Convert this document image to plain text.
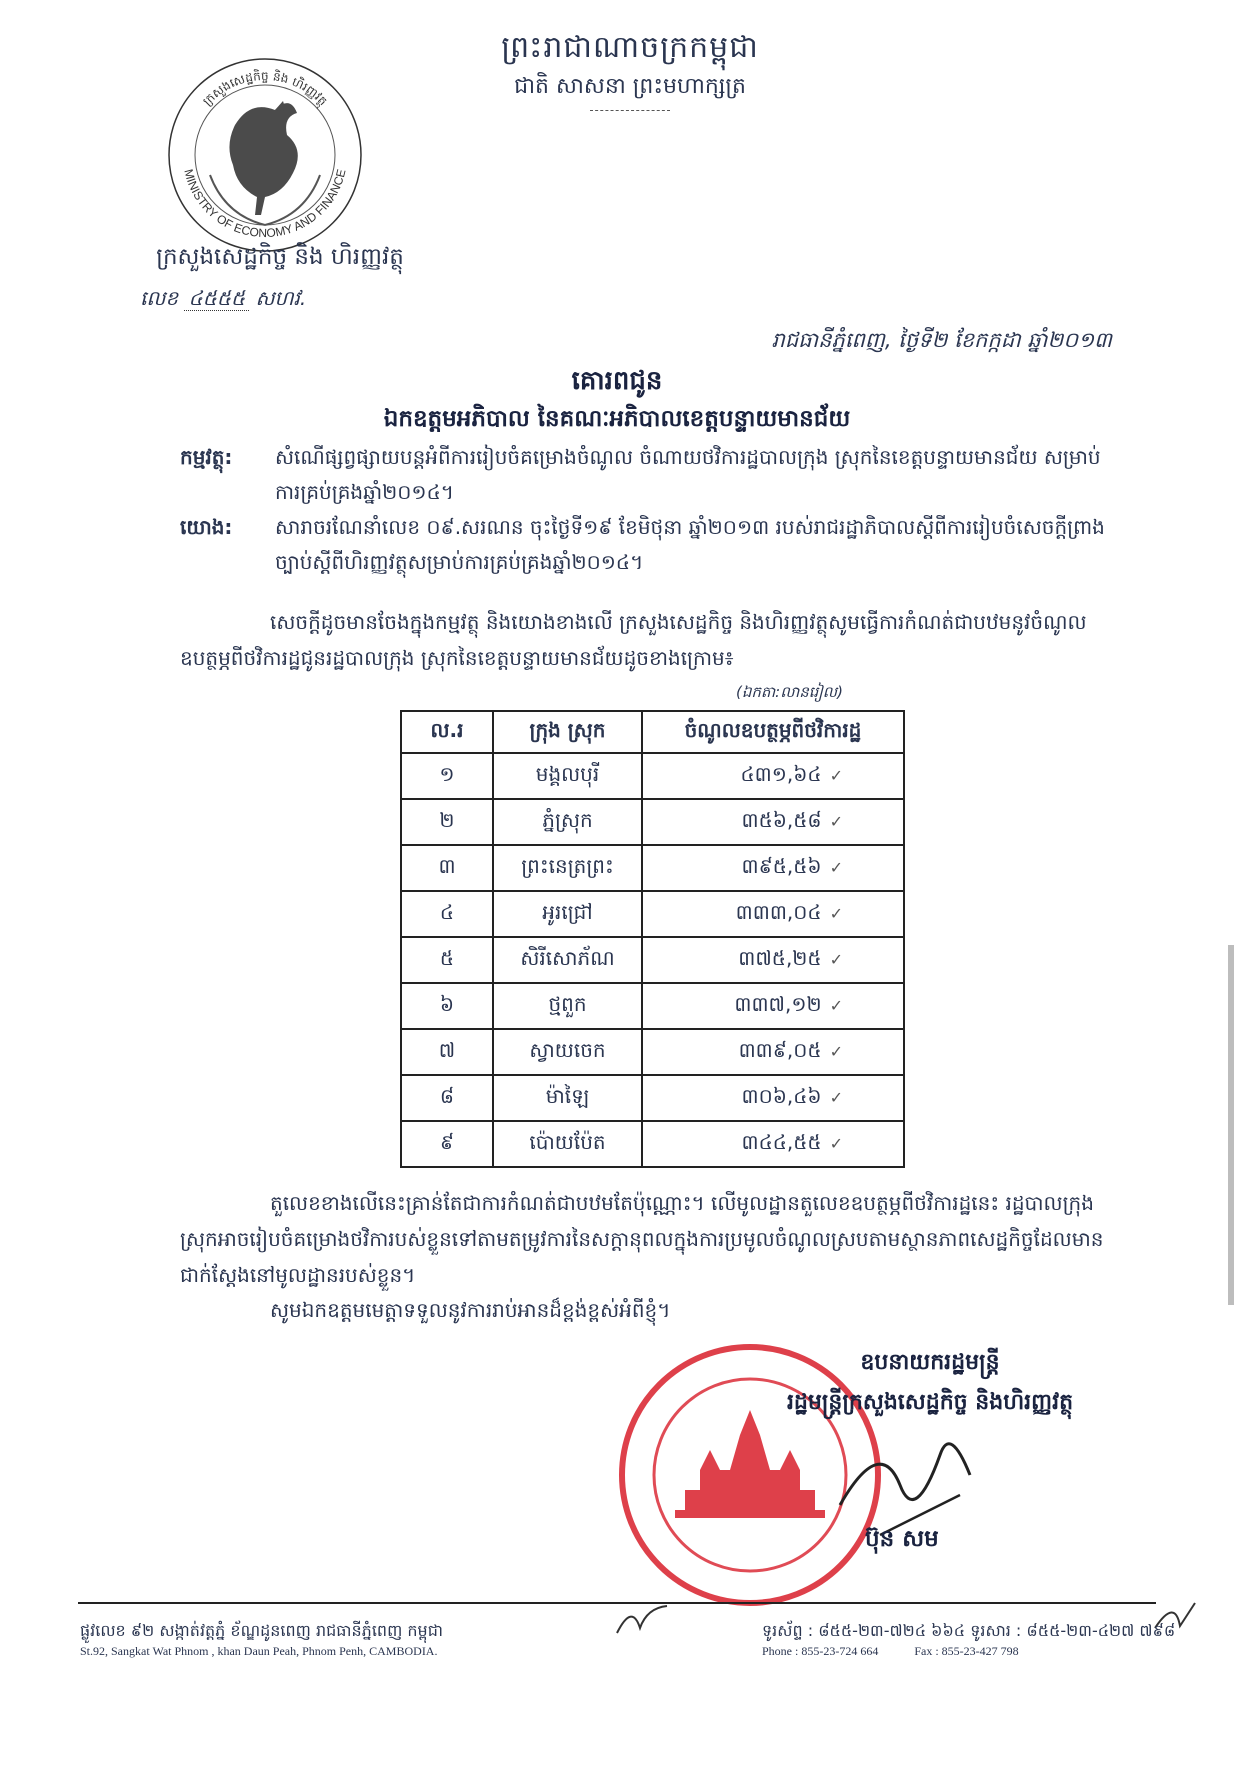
ព្រះរាជាណាចក្រកម្ពុជា
ជាតិ សាសនា ព្រះមហាក្សត្រ
MINISTRY OF ECONOMY AND FINANCE
ក្រសួងសេដ្ឋកិច្ច និង ហិរញ្ញវត្ថុ
ក្រសួងសេដ្ឋកិច្ច និង ហិរញ្ញវត្ថុ
លេខ ៤៥៥៥ សហវ.
រាជធានីភ្នំពេញ, ថ្ងៃទី២ ខែកក្កដា ឆ្នាំ២០១៣
គោរពជូន
ឯកឧត្តមអភិបាល នៃគណៈអភិបាលខេត្តបន្ទាយមានជ័យ
កម្មវត្ថុ: សំណើផ្សព្វផ្សាយបន្តអំពីការរៀបចំគម្រោងចំណូល ចំណាយថវិការដ្ឋបាលក្រុង ស្រុកនៃខេត្តបន្ទាយមានជ័យ សម្រាប់ការគ្រប់គ្រងឆ្នាំ២០១៤។
យោង: សារាចរណែនាំលេខ ០៩.សរណន ចុះថ្ងៃទី១៩ ខែមិថុនា ឆ្នាំ២០១៣ របស់រាជរដ្ឋាភិបាលស្តីពីការរៀបចំសេចក្តីព្រាងច្បាប់ស្តីពីហិរញ្ញវត្ថុសម្រាប់ការគ្រប់គ្រងឆ្នាំ២០១៤។
សេចក្តីដូចមានចែងក្នុងកម្មវត្ថុ និងយោងខាងលើ ក្រសួងសេដ្ឋកិច្ច និងហិរញ្ញវត្ថុសូមធ្វើការកំណត់ជាបឋមនូវចំណូលឧបត្ថម្ភពីថវិការដ្ឋជូនរដ្ឋបាលក្រុង ស្រុកនៃខេត្តបន្ទាយមានជ័យដូចខាងក្រោម៖
(ឯកតា:លានរៀល)
ល.រ	ក្រុង ស្រុក	ចំណូលឧបត្ថម្ភពីថវិការដ្ឋ
១	មង្គលបុរី	៤៣១,៦៤ ✓
២	ភ្នំស្រុក	៣៥៦,៥៨ ✓
៣	ព្រះនេត្រព្រះ	៣៩៥,៥៦ ✓
៤	អូរជ្រៅ	៣៣៣,០៤ ✓
៥	សិរីសោភ័ណ	៣៧៥,២៥ ✓
៦	ថ្មពួក	៣៣៧,១២ ✓
៧	ស្វាយចេក	៣៣៩,០៥ ✓
៨	ម៉ាឡៃ	៣០៦,៤៦ ✓
៩	ប៉ោយប៉ែត	៣៤៤,៥៥ ✓
តួលេខខាងលើនេះគ្រាន់តែជាការកំណត់ជាបឋមតែប៉ុណ្ណោះ។ លើមូលដ្ឋានតួលេខឧបត្ថម្ភពីថវិការដ្ឋនេះ រដ្ឋបាលក្រុង ស្រុកអាចរៀបចំគម្រោងថវិការបស់ខ្លួនទៅតាមតម្រូវការនៃសក្តានុពលក្នុងការប្រមូលចំណូលស្របតាមស្ថានភាពសេដ្ឋកិច្ចដែលមានជាក់ស្តែងនៅមូលដ្ឋានរបស់ខ្លួន។
សូមឯកឧត្តមមេត្តាទទួលនូវការរាប់អានដ៏ខ្ពង់ខ្ពស់អំពីខ្ញុំ។
ឧបនាយករដ្ឋមន្ត្រី
រដ្ឋមន្ត្រីក្រសួងសេដ្ឋកិច្ច និងហិរញ្ញវត្ថុ
ប៊ុន សម
ផ្លូវលេខ ៩២ សង្កាត់វត្តភ្នំ ខ័ណ្ឌដូនពេញ រាជធានីភ្នំពេញ កម្ពុជា
St.92, Sangkat Wat Phnom , khan Daun Peah, Phnom Penh, CAMBODIA.
ទូរស័ព្ទ : ៨៥៥-២៣-៧២៤ ៦៦៤ ទូរសារ : ៨៥៥-២៣-៤២៧ ៧៩៨
Phone : 855-23-724 664	Fax : 855-23-427 798
